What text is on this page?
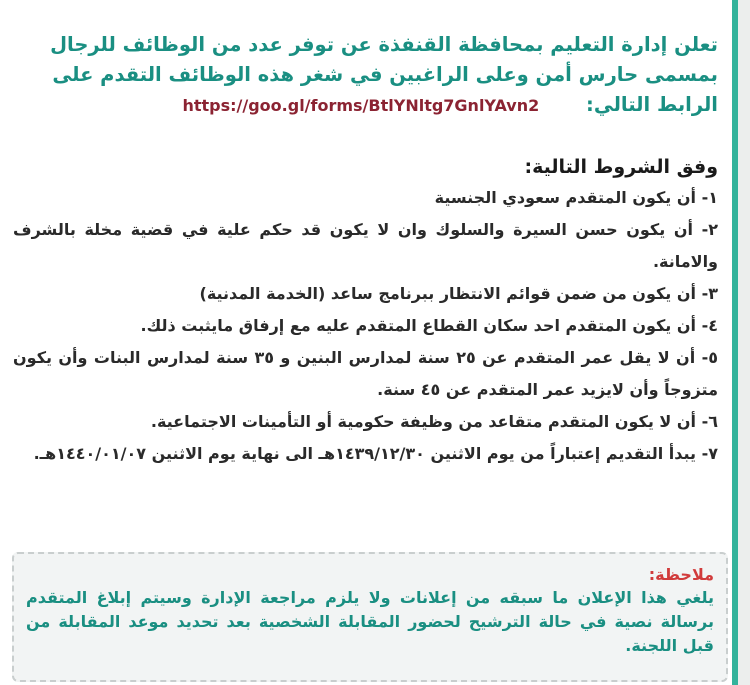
تعلن إدارة التعليم بمحافظة القنفذة عن توفر عدد من الوظائف للرجال
بمسمى حارس أمن وعلى الراغبين في شغر هذه الوظائف التقدم على
الرابط التالي: https://goo.gl/forms/BtlYNltg7GnlYAvn2
وفق الشروط التالية:
١- أن يكون المتقدم سعودي الجنسية
٢- أن يكون حسن السيرة والسلوك وان لا يكون قد حكم علية في قضية مخلة بالشرف والامانة.
٣- أن يكون من ضمن قوائم الانتظار ببرنامج ساعد (الخدمة المدنية)
٤- أن يكون المتقدم احد سكان القطاع المتقدم عليه مع إرفاق مايثبت ذلك.
٥- أن لا يقل عمر المتقدم عن ٢٥ سنة لمدارس البنين و ٣٥ سنة لمدارس البنات وأن يكون متزوجاً وأن لايزيد عمر المتقدم عن ٤٥ سنة.
٦- أن لا يكون المتقدم متقاعد من وظيفة حكومية أو التأمينات الاجتماعية.
٧- يبدأ التقديم إعتباراً من يوم الاثنين ١٤٣٩/١٢/٣٠هـ الى نهاية يوم الاثنين ١٤٤٠/٠١/٠٧هـ.
ملاحظة:
يلغي هذا الإعلان ما سبقه من إعلانات ولا يلزم مراجعة الإدارة وسيتم إبلاغ المتقدم برسالة نصية في حالة الترشيح لحضور المقابلة الشخصية بعد تحديد موعد المقابلة من قبل اللجنة.
